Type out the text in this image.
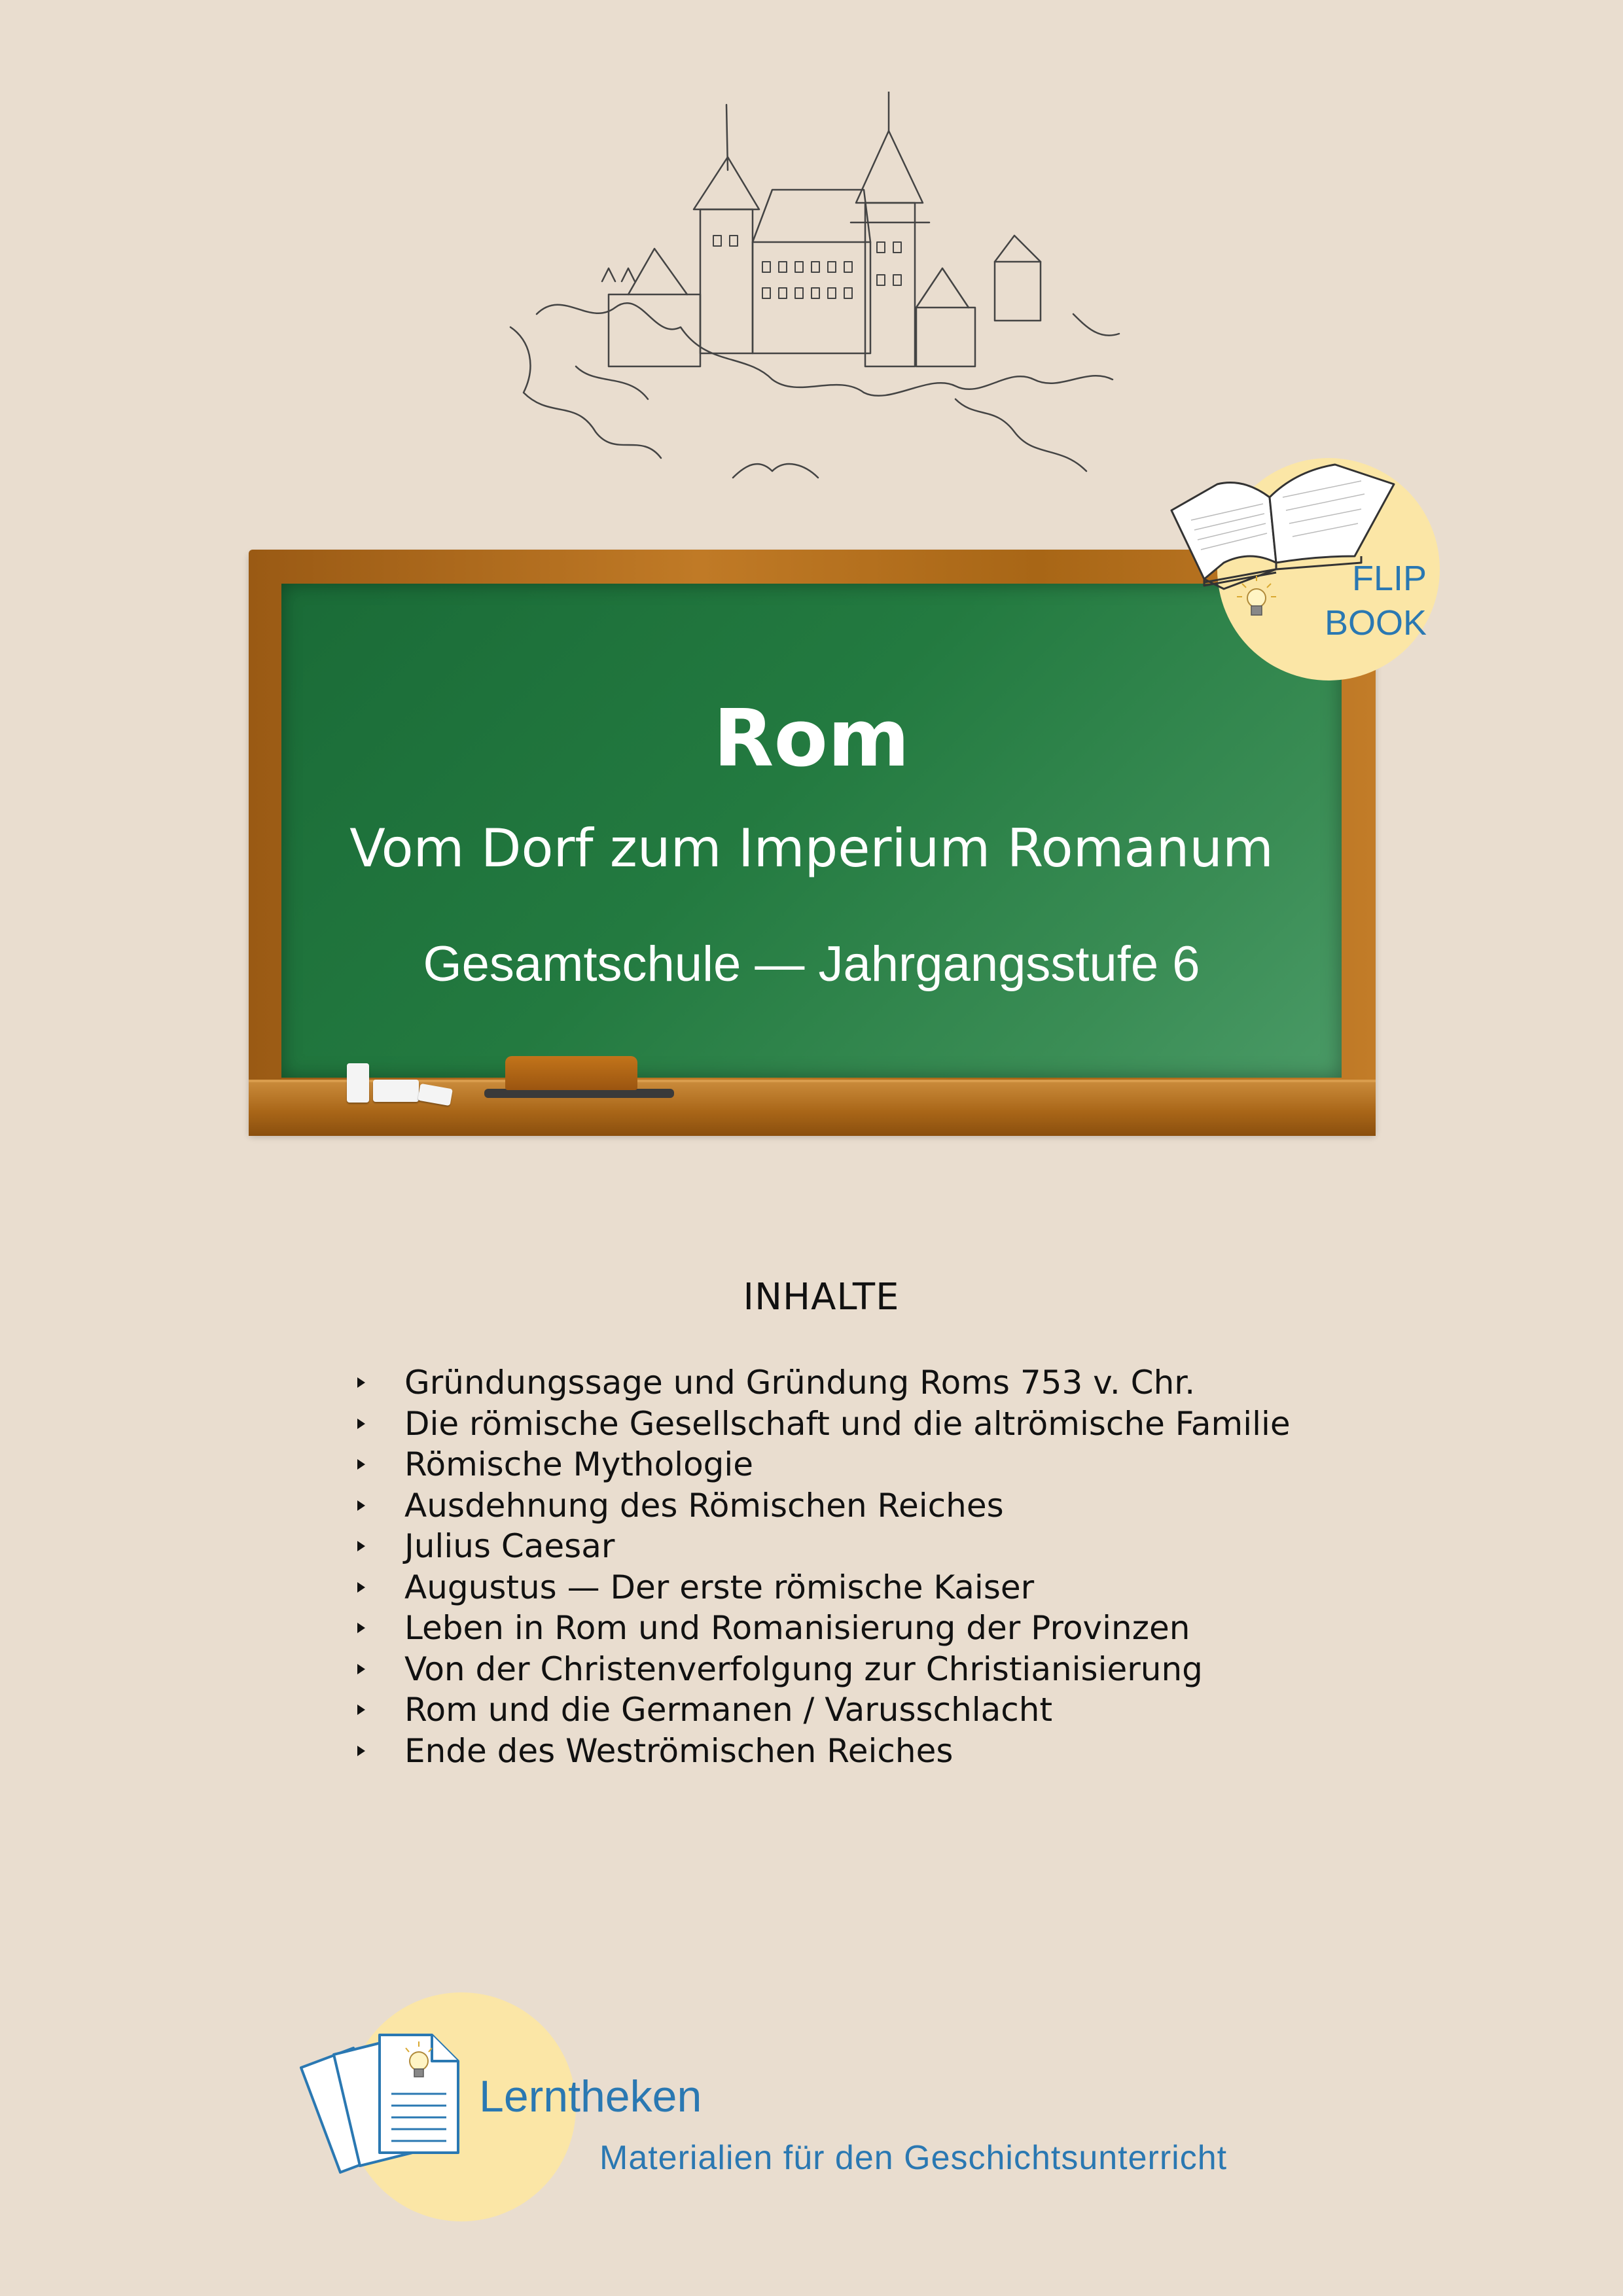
Rom
Vom Dorf zum Imperium Romanum
Gesamtschule — Jahrgangsstufe 6
FLIP
BOOK
INHALTE
Gründungssage und Gründung Roms 753 v. Chr.
Die römische Gesellschaft und die altrömische Familie
Römische Mythologie
Ausdehnung des Römischen Reiches
Julius Caesar
Augustus — Der erste römische Kaiser
Leben in Rom und Romanisierung der Provinzen
Von der Christenverfolgung zur Christianisierung
Rom und die Germanen / Varusschlacht
Ende des Weströmischen Reiches
Lerntheken
Materialien für den Geschichtsunterricht
